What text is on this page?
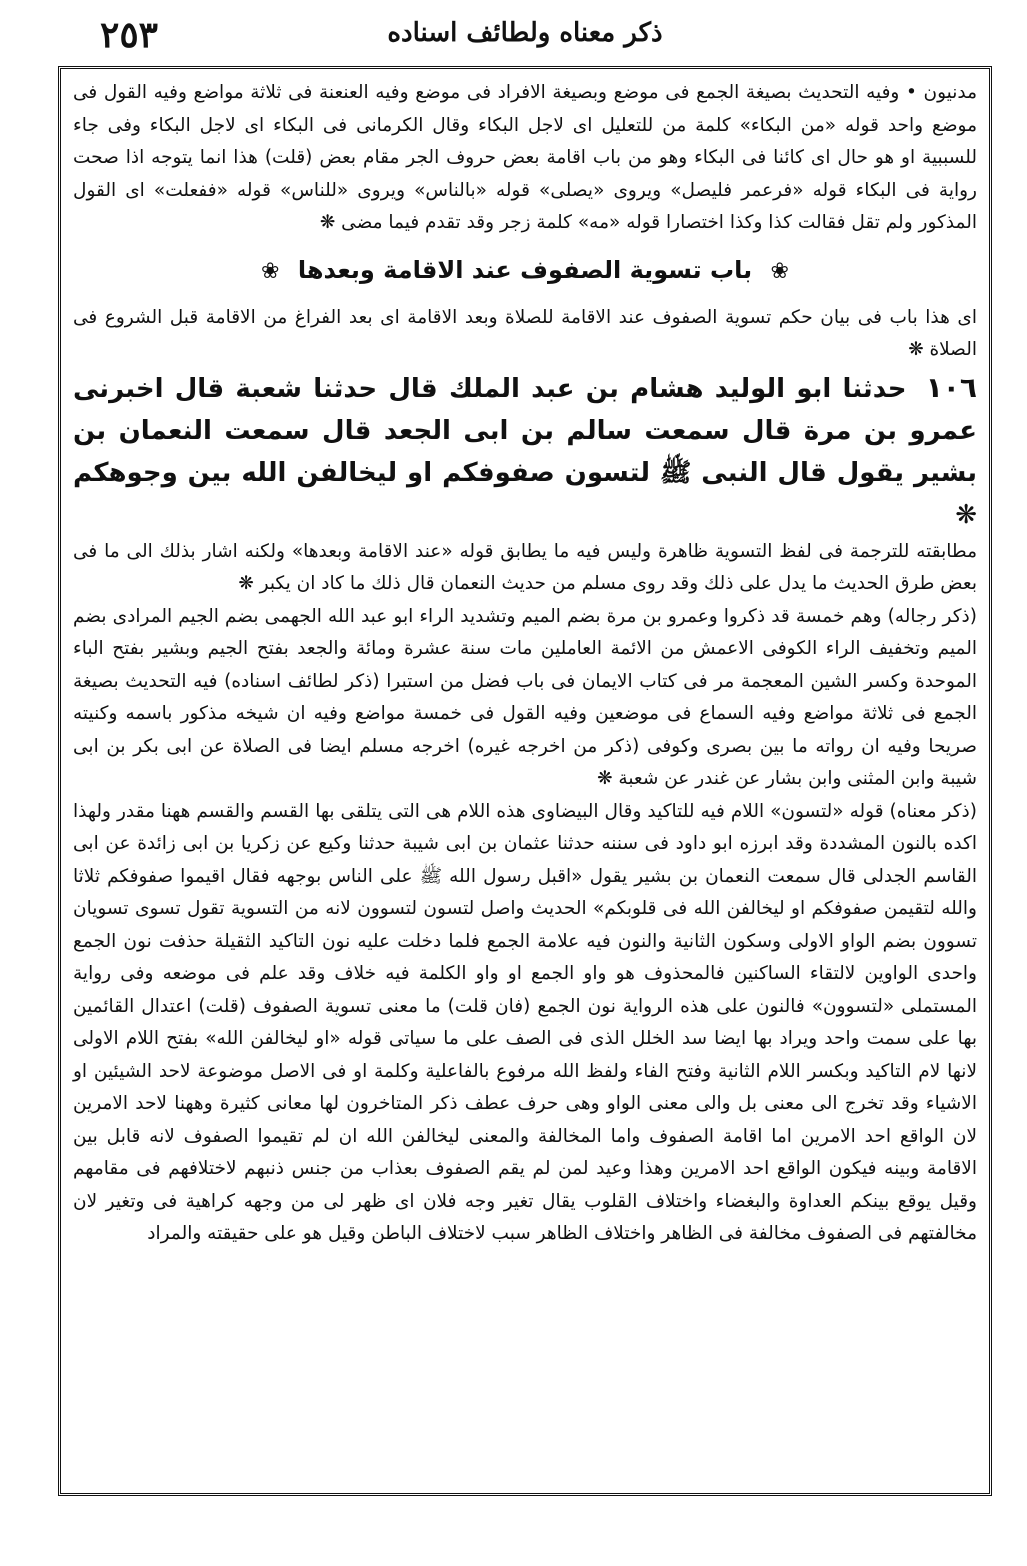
٢٥٣	ذکر معناه ولطائف اسناده

مدنيون • وفيه التحديث بصيغة الجمع فى موضع وبصيغة الافراد فى موضع وفيه العنعنة فى ثلاثة مواضع وفيه القول فى موضع واحد قوله «من البكاء» كلمة من للتعليل اى لاجل البكاء وقال الكرمانى فى البكاء اى لاجل البكاء وفى جاء للسببية او هو حال اى كائنا فى البكاء وهو من باب اقامة بعض حروف الجر مقام بعض (قلت) هذا انما يتوجه اذا صحت رواية فى البكاء قوله «فرعمر فليصل» ويروى «يصلى» قوله «بالناس» ويروى «للناس» قوله «ففعلت» اى القول المذكور ولم تقل فقالت كذا وكذا اختصارا قوله «مه» كلمة زجر وقد تقدم فيما مضى ❋

❀ باب تسوية الصفوف عند الاقامة وبعدها ❀

اى هذا باب فى بيان حكم تسوية الصفوف عند الاقامة للصلاة وبعد الاقامة اى بعد الفراغ من الاقامة قبل الشروع فى الصلاة ❋

١٠٦ حدثنا ابو الوليد هشام بن عبد الملك قال حدثنا شعبة قال اخبرنى عمرو بن مرة قال سمعت سالم بن ابى الجعد قال سمعت النعمان بن بشير يقول قال النبى ﷺ لتسون صفوفكم او ليخالفن الله بين وجوهكم ❋

مطابقته للترجمة فى لفظ التسوية ظاهرة وليس فيه ما يطابق قوله «عند الاقامة وبعدها» ولكنه اشار بذلك الى ما فى بعض طرق الحديث ما يدل على ذلك وقد روى مسلم من حديث النعمان قال ذلك ما كاد ان يكبر ❋

(ذكر رجاله) وهم خمسة قد ذكروا وعمرو بن مرة بضم الميم وتشديد الراء ابو عبد الله الجهمى بضم الجيم المرادى بضم الميم وتخفيف الراء الكوفى الاعمش من الائمة العاملين مات سنة عشرة ومائة والجعد بفتح الجيم وبشير بفتح الباء الموحدة وكسر الشين المعجمة مر فى كتاب الايمان فى باب فضل من استبرا (ذكر لطائف اسناده) فيه التحديث بصيغة الجمع فى ثلاثة مواضع وفيه السماع فى موضعين وفيه القول فى خمسة مواضع وفيه ان شيخه مذكور باسمه وكنيته صريحا وفيه ان رواته ما بين بصرى وكوفى (ذكر من اخرجه غيره) اخرجه مسلم ايضا فى الصلاة عن ابى بكر بن ابى شيبة وابن المثنى وابن بشار عن غندر عن شعبة ❋

(ذكر معناه) قوله «لتسون» اللام فيه للتاكيد وقال البيضاوى هذه اللام هى التى يتلقى بها القسم والقسم ههنا مقدر ولهذا اكده بالنون المشددة وقد ابرزه ابو داود فى سننه حدثنا عثمان بن ابى شيبة حدثنا وكيع عن زكريا بن ابى زائدة عن ابى القاسم الجدلى قال سمعت النعمان بن بشير يقول «اقبل رسول الله ﷺ على الناس بوجهه فقال اقيموا صفوفكم ثلاثا والله لتقيمن صفوفكم او ليخالفن الله فى قلوبكم» الحديث واصل لتسون لتسوون لانه من التسوية تقول تسوى تسويان تسوون بضم الواو الاولى وسكون الثانية والنون فيه علامة الجمع فلما دخلت عليه نون التاكيد الثقيلة حذفت نون الجمع واحدى الواوين لالتقاء الساكنين فالمحذوف هو واو الجمع او واو الكلمة فيه خلاف وقد علم فى موضعه وفى رواية المستملى «لتسوون» فالنون على هذه الرواية نون الجمع (فان قلت) ما معنى تسوية الصفوف (قلت) اعتدال القائمين بها على سمت واحد ويراد بها ايضا سد الخلل الذى فى الصف على ما سياتى قوله «او ليخالفن الله» بفتح اللام الاولى لانها لام التاكيد وبكسر اللام الثانية وفتح الفاء ولفظ الله مرفوع بالفاعلية وكلمة او فى الاصل موضوعة لاحد الشيئين او الاشياء وقد تخرج الى معنى بل والى معنى الواو وهى حرف عطف ذكر المتاخرون لها معانى كثيرة وههنا لاحد الامرين لان الواقع احد الامرين اما اقامة الصفوف واما المخالفة والمعنى ليخالفن الله ان لم تقيموا الصفوف لانه قابل بين الاقامة وبينه فيكون الواقع احد الامرين وهذا وعيد لمن لم يقم الصفوف بعذاب من جنس ذنبهم لاختلافهم فى مقامهم وقيل يوقع بينكم العداوة والبغضاء واختلاف القلوب يقال تغير وجه فلان اى ظهر لى من وجهه كراهية فى وتغير لان مخالفتهم فى الصفوف مخالفة فى الظاهر واختلاف الظاهر سبب لاختلاف الباطن وقيل هو على حقيقته والمراد
